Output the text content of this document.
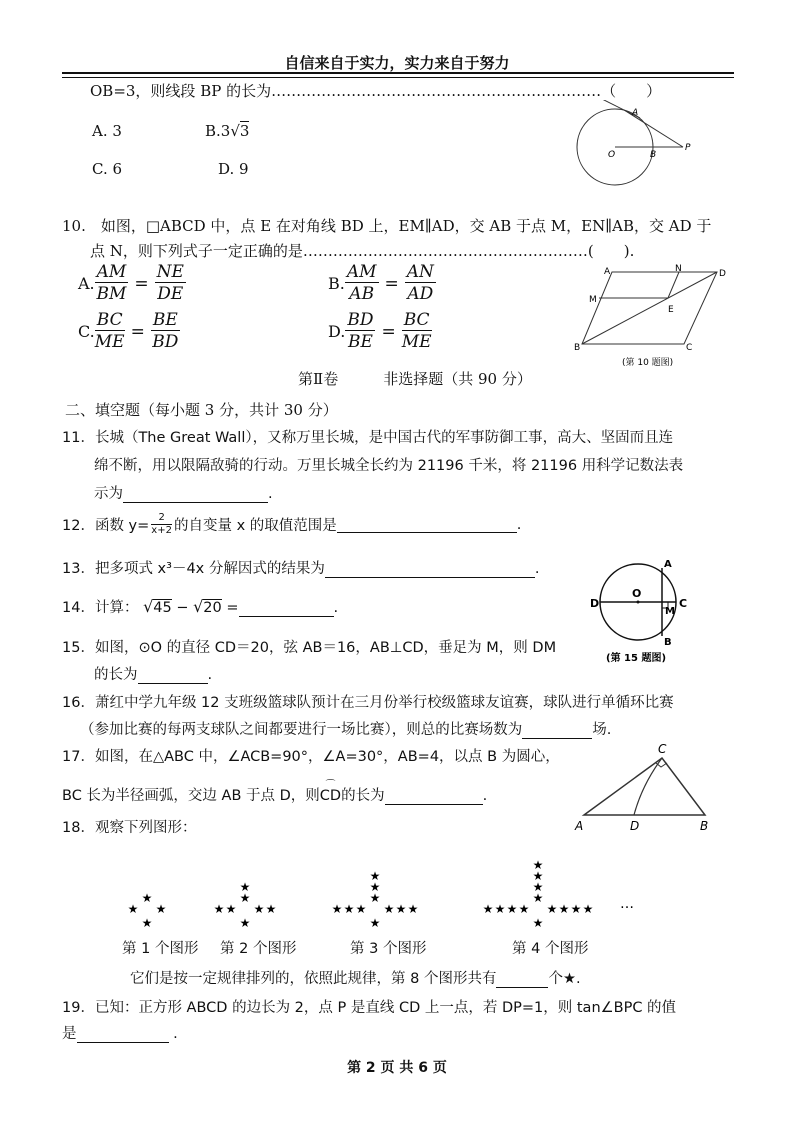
自信来自于实力，实力来自于努力
OB=3，则线段 BP 的长为…………………………………………………………（　　）
A. 3	B.3√3
C. 6	D. 9
A
O	B
P
10.　如图，□ABCD 中，点 E 在对角线 BD 上，EM∥AD，交 AB 于点 M，EN∥AB，交 AD 于
点 N，则下列式子一定正确的是…………………………………………………(　　).
A. $\frac{AM}{BM} = \frac{NE}{DE}$	B. $\frac{AM}{AB} = \frac{AN}{AD}$
C. $\frac{BC}{ME} = \frac{BE}{BD}$	D. $\frac{BD}{BE} = \frac{BC}{ME}$
A	N	D
M
E
B	C
(第 10 题图)
第Ⅱ卷　　　非选择题（共 90 分）
二、填空题（每小题 3 分，共计 30 分）
11．长城（The Great Wall），又称万里长城，是中国古代的军事防御工事，高大、坚固而且连
绵不断，用以限隔敌骑的行动。万里长城全长约为 21196 千米，将 21196 用科学记数法表
示为	.
12．函数 $y= \frac{2}{x+2}$ 的自变量 x 的取值范围是	.
13．把多项式 x³－4x 分解因式的结果为	.
14．计算： √45 − √20 =	.
A
D
O
C
M
B
(第 15 题图)
15．如图，⊙O 的直径 CD＝20，弦 AB＝16，AB⊥CD，垂足为 M，则 DM
的长为	.
16．萧红中学九年级 12 支班级篮球队预计在三月份举行校级篮球友谊赛，球队进行单循环比赛
（参加比赛的每两支球队之间都要进行一场比赛），则总的比赛场数为	场.
17．如图，在△ABC 中，∠ACB=90°，∠A=30°，AB=4，以点 B 为圆心，
BC 长为半径画弧，交边 AB 于点 D，则
⌒
CD的长为	.
C
A	D	B
18．观察下列图形：
★ ★
★
★
★ ★
★	★
★
★
★
★ ★
★	★
★	★
★
★
★
★
★ ★
★	★
★	★
★	★
★
★
★
★
★
…
第 1 个图形 第 2 个图形	第 3 个图形	第 4 个图形
它们是按一定规律排列的，依照此规律，第 8 个图形共有	个★.
19．已知：正方形 ABCD 的边长为 2，点 P 是直线 CD 上一点，若 DP=1，则 tan∠BPC 的值
是	.
第 2 页 共 6 页
